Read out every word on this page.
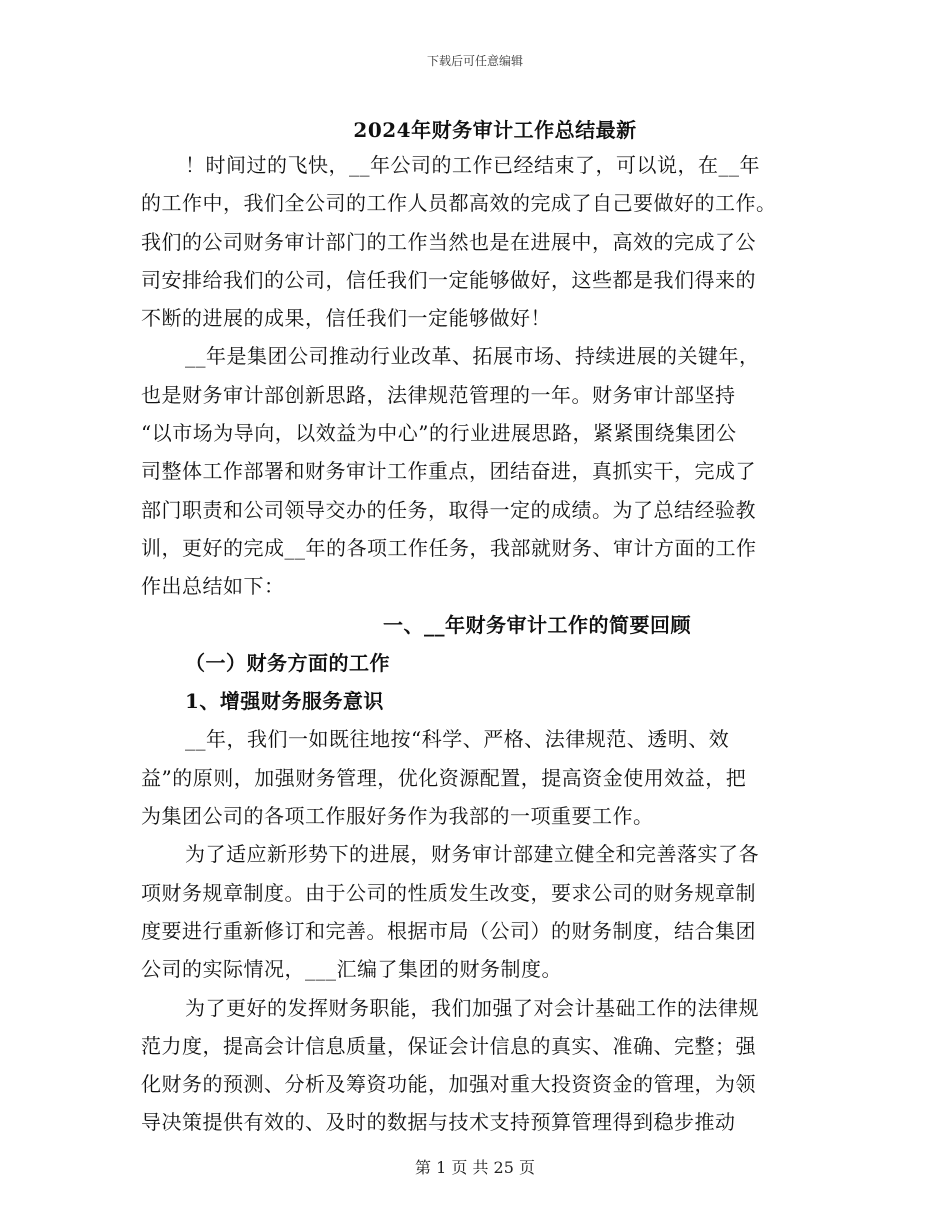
下载后可任意编辑
2024年财务审计工作总结最新
！时间过的飞快，__年公司的工作已经结束了，可以说，在__年
的工作中，我们全公司的工作人员都高效的完成了自己要做好的工作。
我们的公司财务审计部门的工作当然也是在进展中，高效的完成了公
司安排给我们的公司，信任我们一定能够做好，这些都是我们得来的
不断的进展的成果，信任我们一定能够做好！
__年是集团公司推动行业改革、拓展市场、持续进展的关键年，
也是财务审计部创新思路，法律规范管理的一年。财务审计部坚持
“以市场为导向，以效益为中心”的行业进展思路，紧紧围绕集团公
司整体工作部署和财务审计工作重点，团结奋进，真抓实干，完成了
部门职责和公司领导交办的任务，取得一定的成绩。为了总结经验教
训，更好的完成__年的各项工作任务，我部就财务、审计方面的工作
作出总结如下：
一、__年财务审计工作的简要回顾
（一）财务方面的工作
1、增强财务服务意识
__年，我们一如既往地按“科学、严格、法律规范、透明、效
益”的原则，加强财务管理，优化资源配置，提高资金使用效益，把
为集团公司的各项工作服好务作为我部的一项重要工作。
为了适应新形势下的进展，财务审计部建立健全和完善落实了各
项财务规章制度。由于公司的性质发生改变，要求公司的财务规章制
度要进行重新修订和完善。根据市局（公司）的财务制度，结合集团
公司的实际情况，___汇编了集团的财务制度。
为了更好的发挥财务职能，我们加强了对会计基础工作的法律规
范力度，提高会计信息质量，保证会计信息的真实、准确、完整；强
化财务的预测、分析及筹资功能，加强对重大投资资金的管理，为领
导决策提供有效的、及时的数据与技术支持预算管理得到稳步推动
第 1 页 共 25 页
